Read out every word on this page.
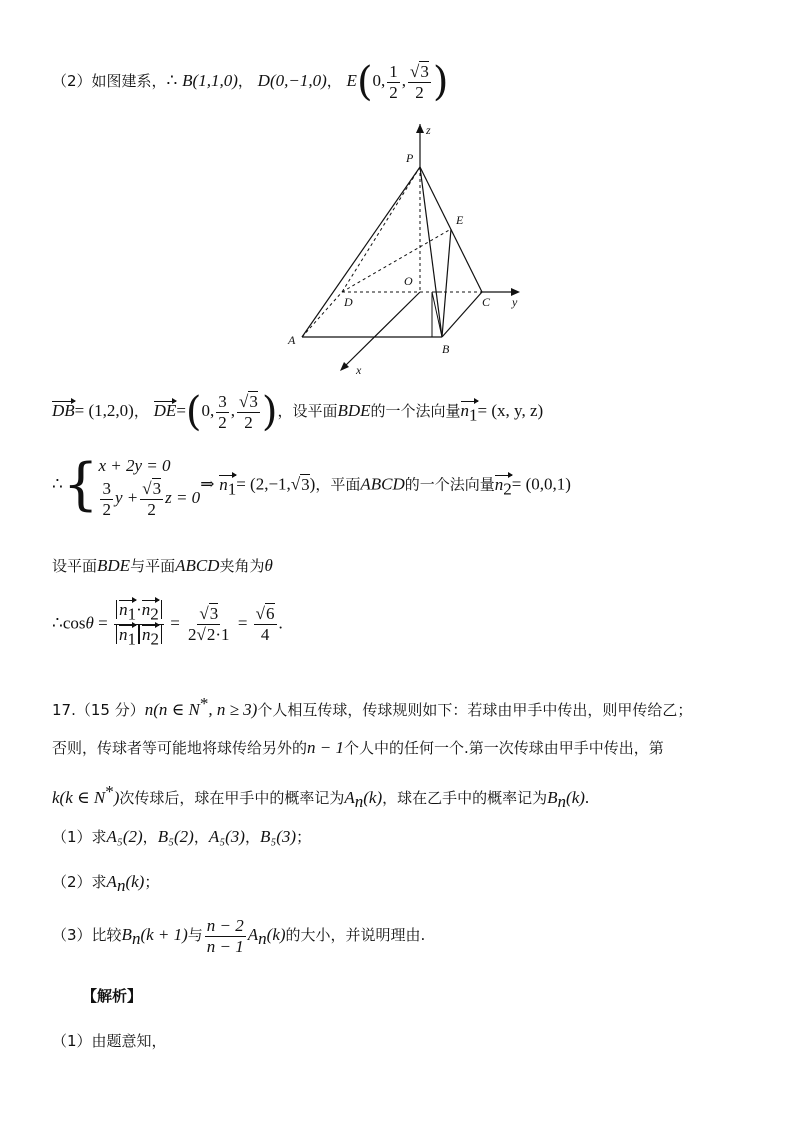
（2）如图建系，∴ B(1,1,0)， D(0,−1,0)， E(0, $\frac{1}{2}$ , $\frac{√3}{2}$ )
z
P
E
O
D	C y
A
B
x
DB= (1,2,0)， DE=(0, $\frac{3}{2}$ , $\frac{√3}{2}$ )，设平面BDE的一个法向量$n_1= (x$, y, z)
∴{ x + 2y = 0
$\frac{3}{2}$ $y + \frac{√3}{2}$ z = 0
⇒ $n_1= (2,-1,√3)$，平面ABCD的一个法向量$n_2= (0,0,1)$
设平面BDE与平面ABCD夹角为θ
∴cosθ = $\frac{n_1\cdot n_2}{n_1 n_2} = \frac{√3}{2√2\cdot 1} = \frac{√6}{4}$ .
17.（15 分）n(n ∈ N*, n ≥ 3)个人相互传球，传球规则如下：若球由甲手中传出，则甲传给乙；
否则，传球者等可能地将球传给另外的n − 1个人中的任何一个.第一次传球由甲手中传出，第
k(k ∈ N*)次传球后，球在甲手中的概率记为$A_n(k)$，球在乙手中的概率记为$B_n(k)$.
（1）求A₅(2)，B₅(2)，A₅(3)，B₅(3)；
（2）求$A_n(k)$；
（3）比较$B_n(k + 1)$与 $\frac{n - 2}{n - 1} A_n(k)$的大小，并说明理由.
【解析】
（1）由题意知，
